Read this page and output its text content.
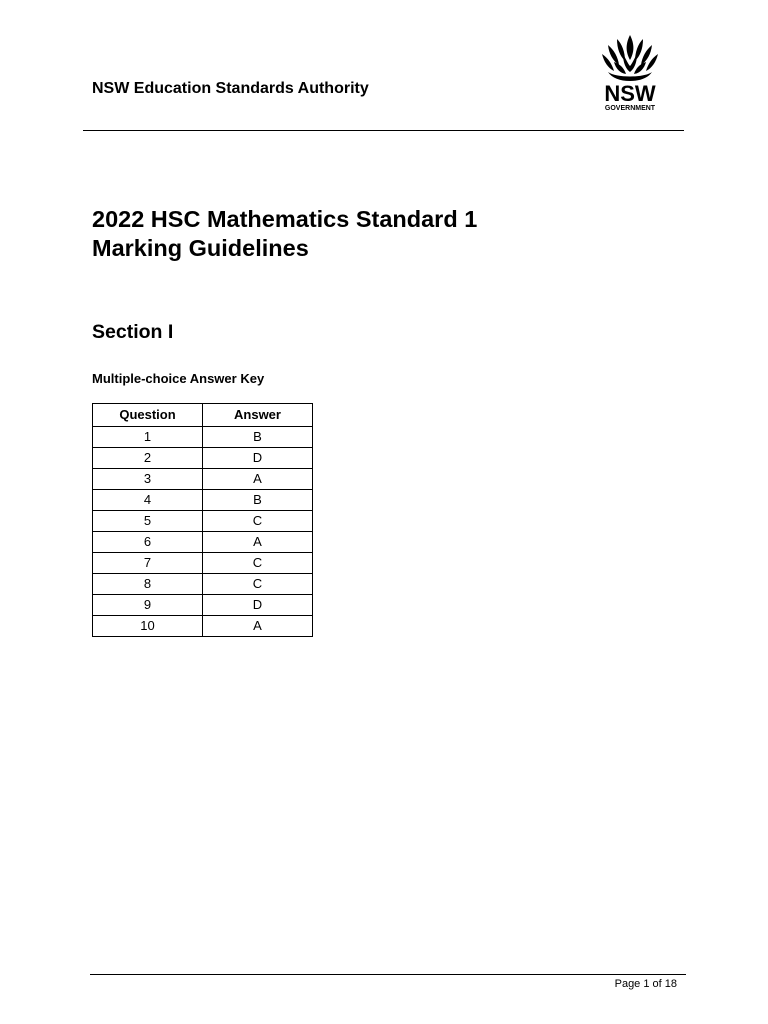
NSW Education Standards Authority	NSW
GOVERNMENT
2022 HSC Mathematics Standard 1
Marking Guidelines
Section I
Multiple-choice Answer Key
Question	Answer
1	B
2	D
3	A
4	B
5	C
6	A
7	C
8	C
9	D
10	A
Page 1 of 18
